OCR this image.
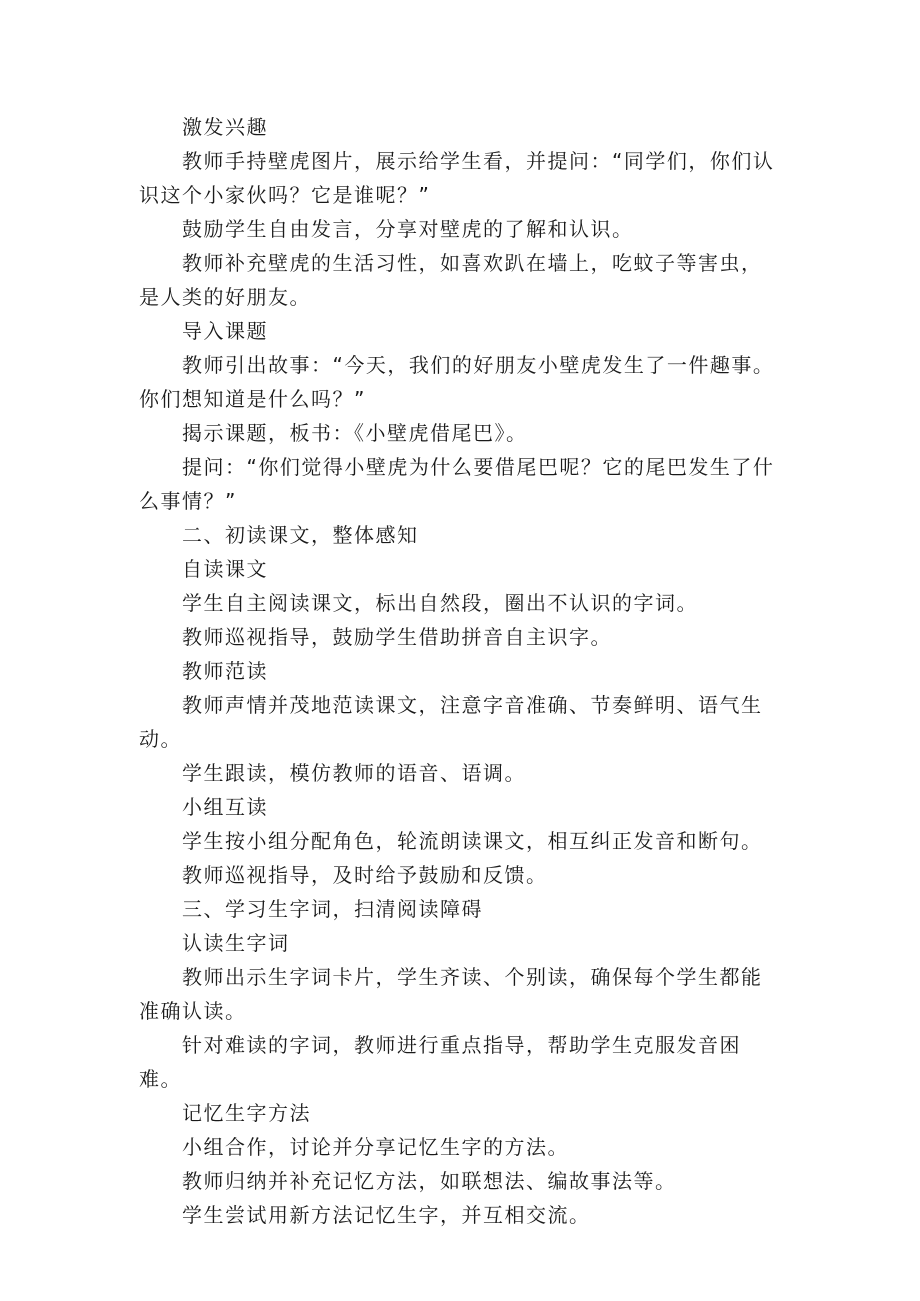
激发兴趣

教师手持壁虎图片，展示给学生看，并提问：“同学们，你们认识这个小家伙吗？它是谁呢？”

鼓励学生自由发言，分享对壁虎的了解和认识。

教师补充壁虎的生活习性，如喜欢趴在墙上，吃蚊子等害虫，是人类的好朋友。

导入课题

教师引出故事：“今天，我们的好朋友小壁虎发生了一件趣事。

你们想知道是什么吗？”

揭示课题，板书：《小壁虎借尾巴》。

提问：“你们觉得小壁虎为什么要借尾巴呢？它的尾巴发生了什么事情？”

二、初读课文，整体感知

自读课文

学生自主阅读课文，标出自然段，圈出不认识的字词。

教师巡视指导，鼓励学生借助拼音自主识字。

教师范读

教师声情并茂地范读课文，注意字音准确、节奏鲜明、语气生动。

学生跟读，模仿教师的语音、语调。

小组互读

学生按小组分配角色，轮流朗读课文，相互纠正发音和断句。

教师巡视指导，及时给予鼓励和反馈。

三、学习生字词，扫清阅读障碍

认读生字词

教师出示生字词卡片，学生齐读、个别读，确保每个学生都能准确认读。

针对难读的字词，教师进行重点指导，帮助学生克服发音困难。

记忆生字方法

小组合作，讨论并分享记忆生字的方法。

教师归纳并补充记忆方法，如联想法、编故事法等。

学生尝试用新方法记忆生字，并互相交流。
